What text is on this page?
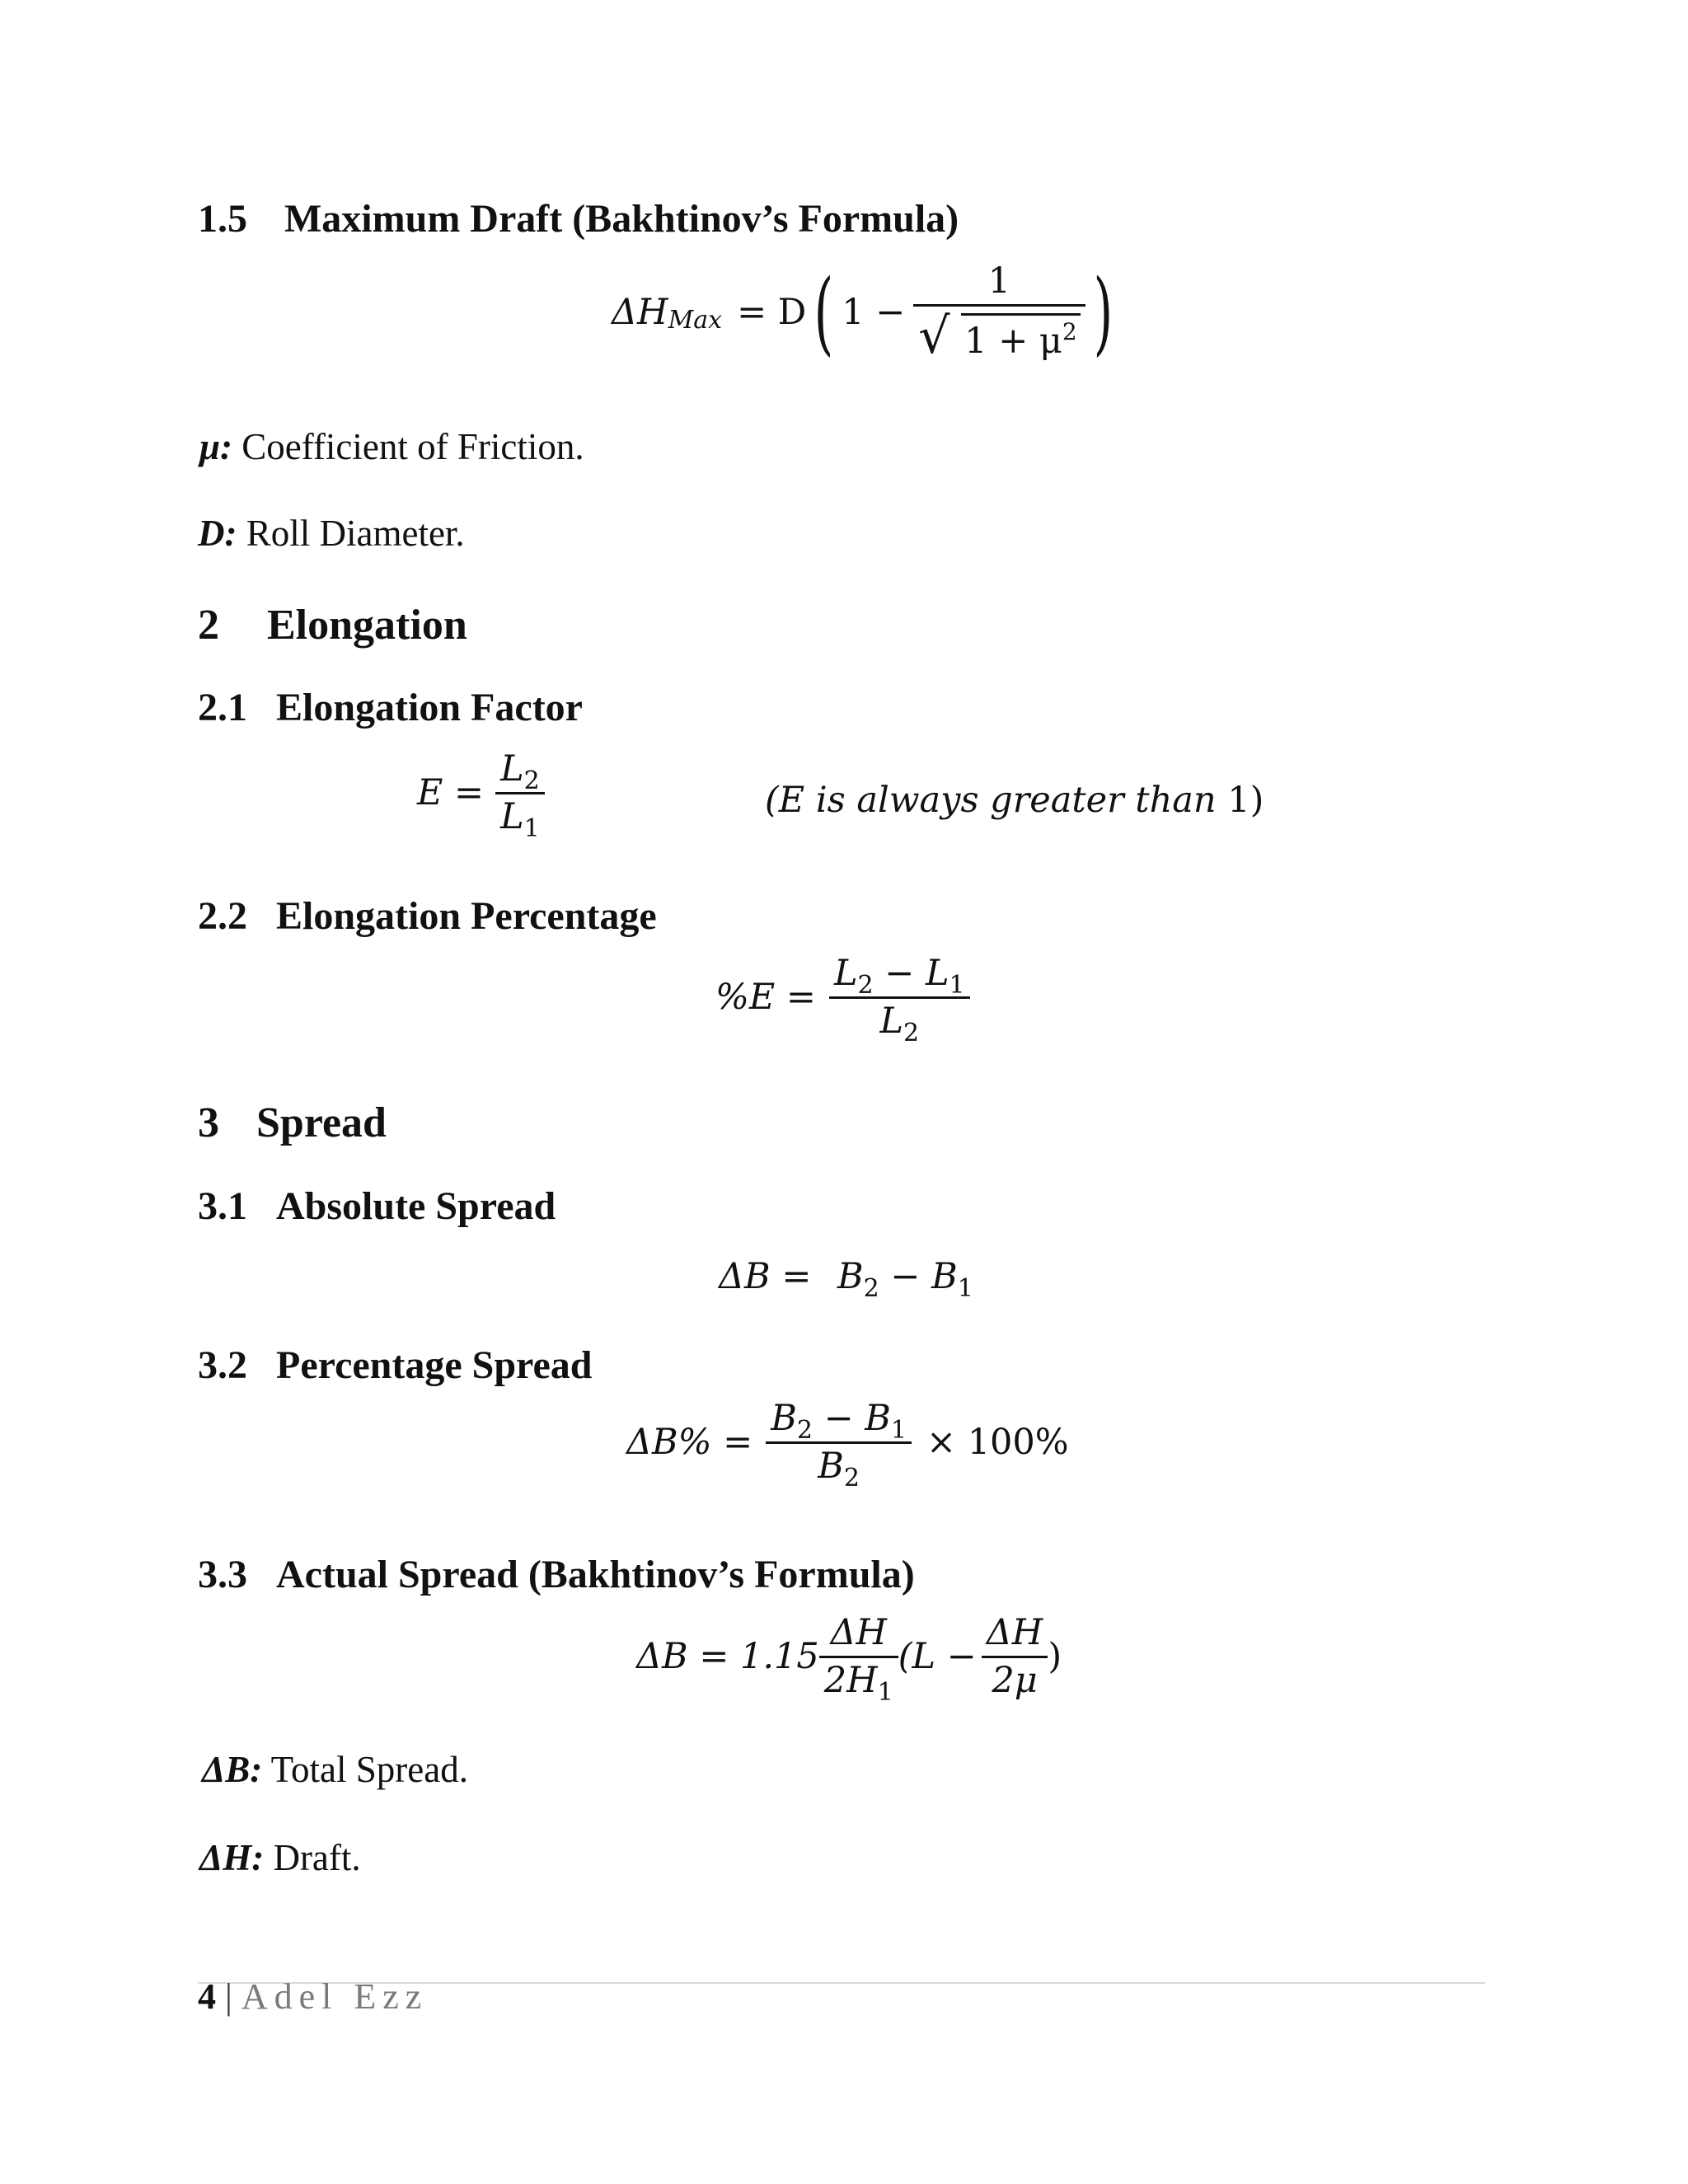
1.5 Maximum Draft (Bakhtinov’s Formula)
ΔH Max = D ( $1 - \frac{1}{√ 1 + \mu^2}$ )
μ: Coefficient of Friction.
D: Roll Diameter.
2 Elongation
2.1 Elongation Factor
$E = \frac{L_2}{L_1}$	(E is always greater than 1)
2.2 Elongation Percentage
$\%E = \frac{L_2 - L_1}{L_2}$
3 Spread
3.1 Absolute Spread
$\Delta B = B_2 - B_1$
3.2 Percentage Spread
$\Delta B\% = \frac{B_2 - B_1}{B_2} \times 100\%$
3.3 Actual Spread (Bakhtinov’s Formula)
$\Delta B = 1.15 \frac{\Delta H}{2H_1} (L - \frac{\Delta H}{2\mu}$ )
ΔB: Total Spread.
ΔH: Draft.
4 | Adel Ezz
